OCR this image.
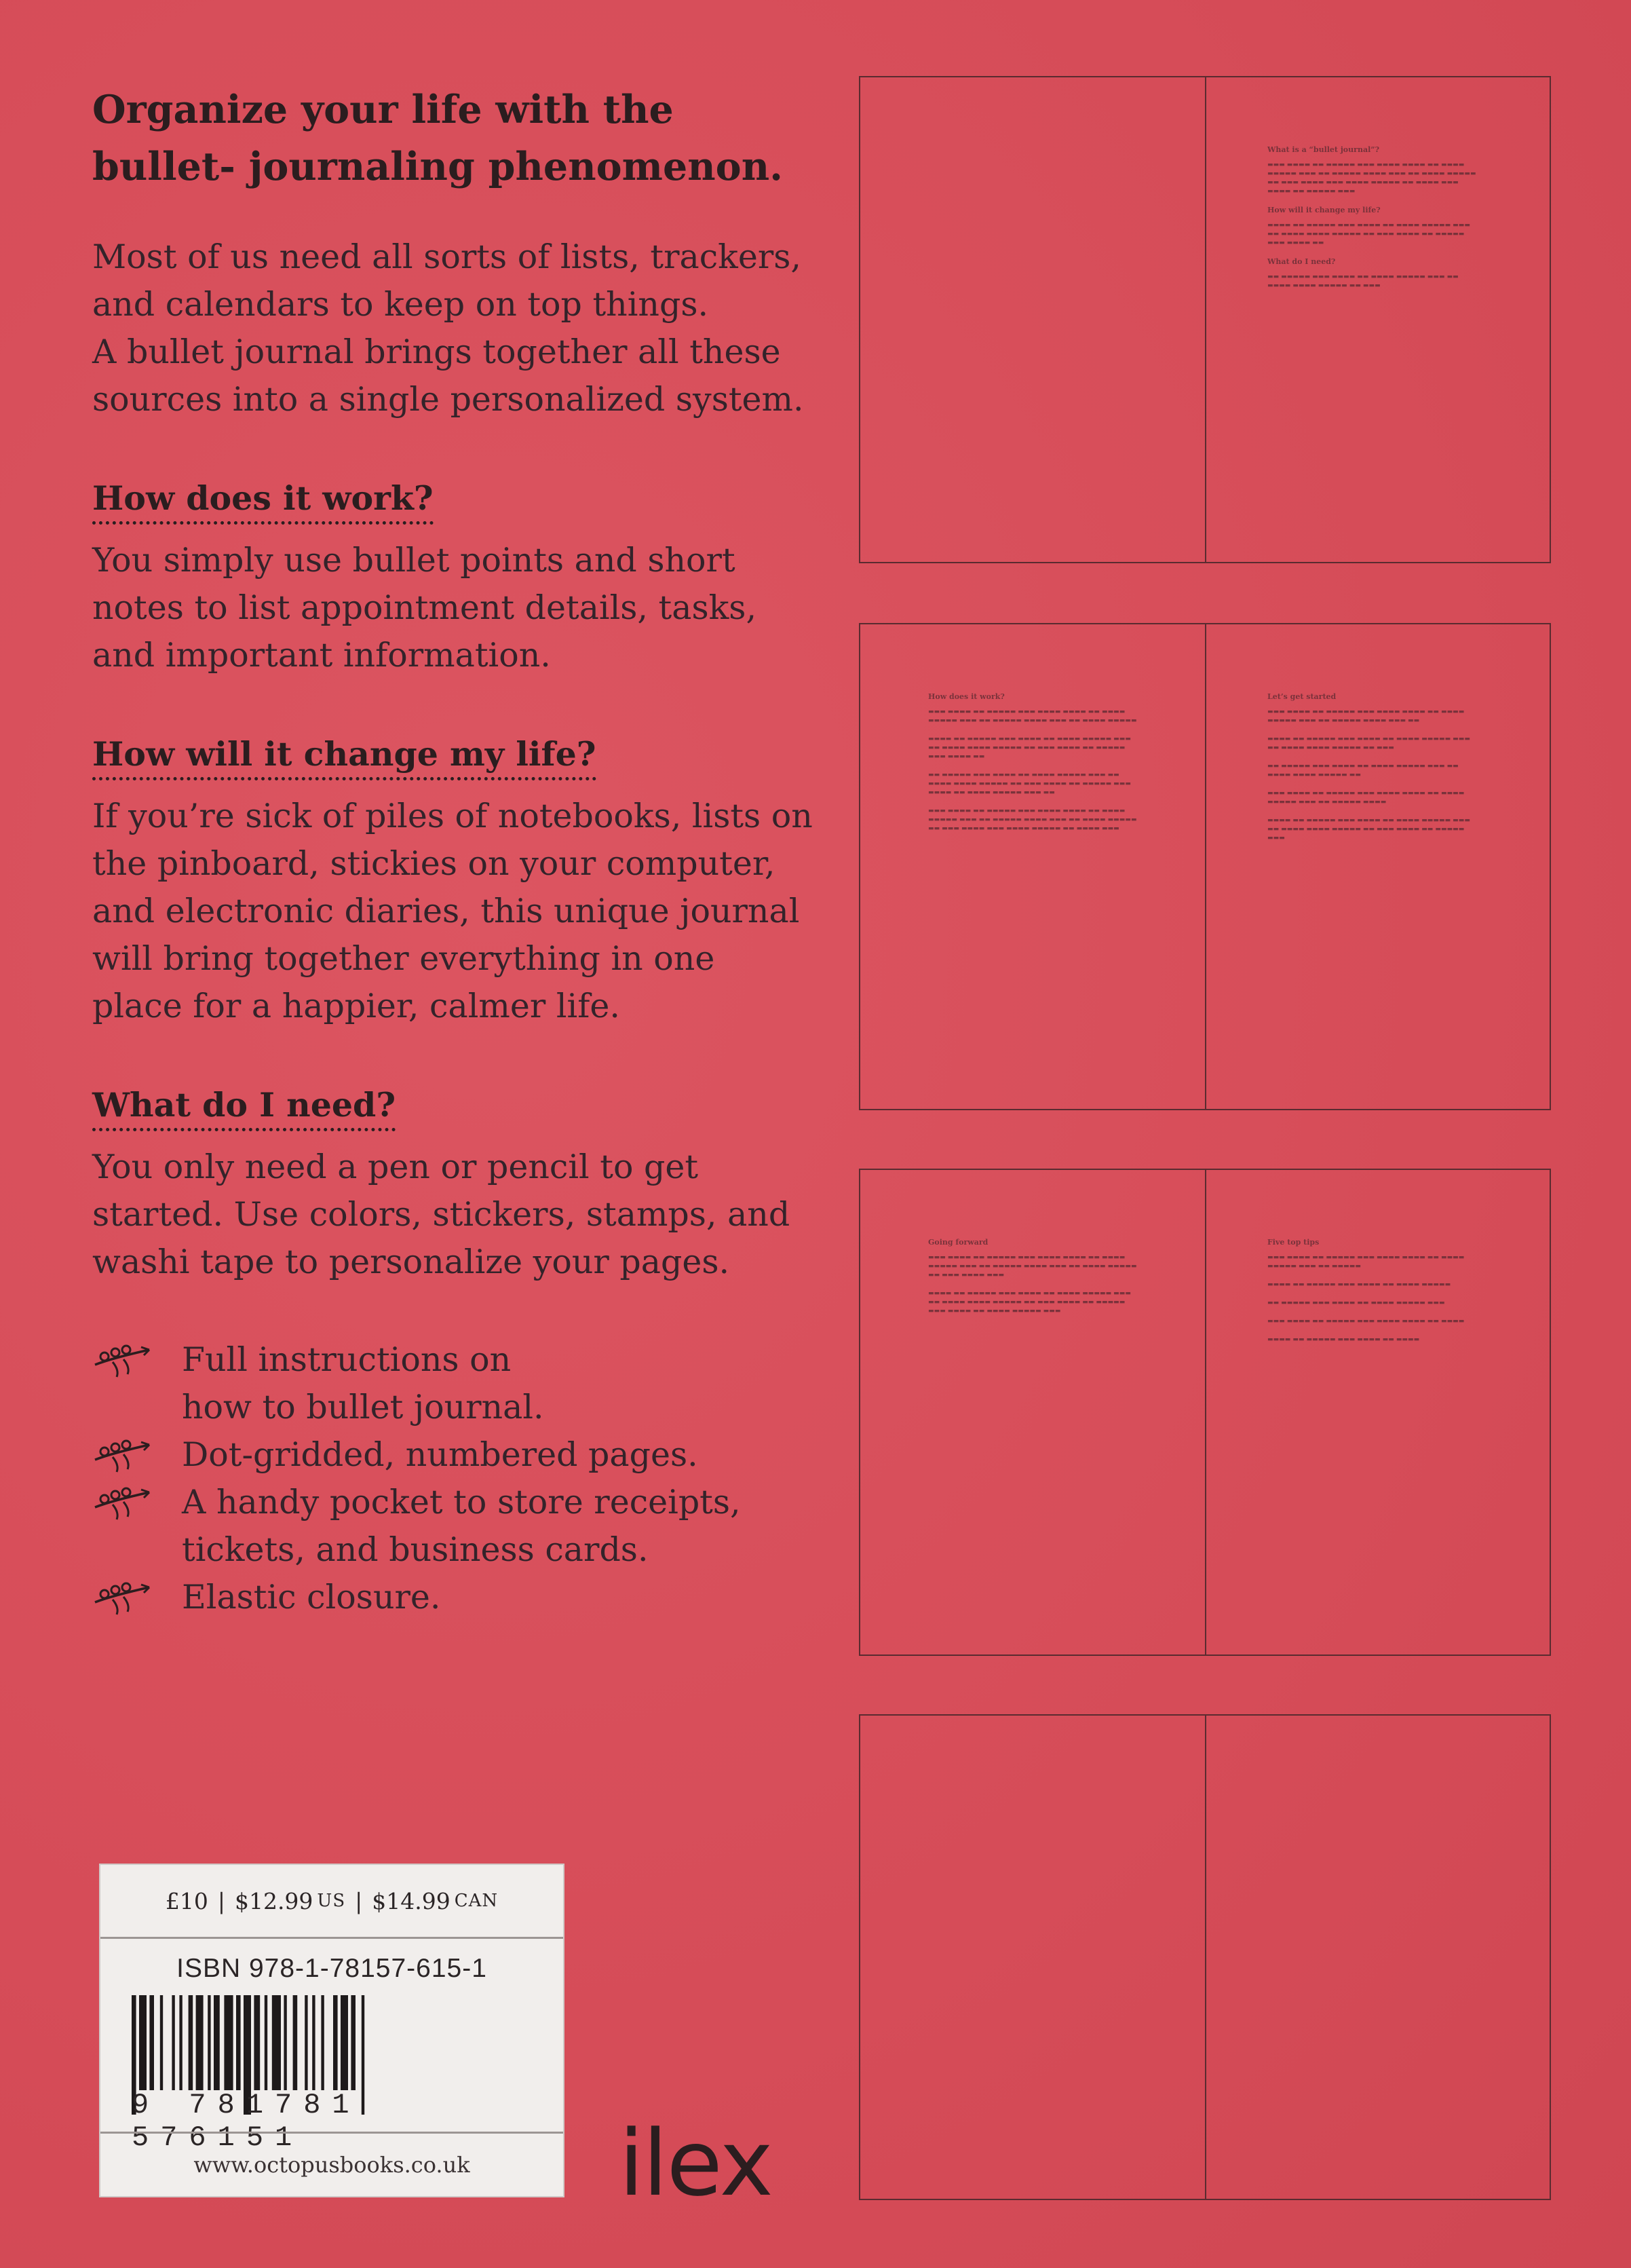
Organize your life with the
bullet- journaling phenomenon.

Most of us need all sorts of lists, trackers,
and calendars to keep on top things.
A bullet journal brings together all these
sources into a single personalized system.

How does it work?

You simply use bullet points and short
notes to list appointment details, tasks,
and important information.

How will it change my life?

If you’re sick of piles of notebooks, lists on
the pinboard, stickies on your computer,
and electronic diaries, this unique journal
will bring together everything in one
place for a happier, calmer life.

What do I need?

You only need a pen or pencil to get
started. Use colors, stickers, stamps, and
washi tape to personalize your pages.

Full instructions on
how to bullet journal.
Dot-gridded, numbered pages.
A handy pocket to store receipts,
tickets, and business cards.
Elastic closure.
What is a “bullet journal”?
▬▬▬ ▬▬▬▬ ▬▬ ▬▬▬▬▬ ▬▬▬ ▬▬▬▬ ▬▬▬▬ ▬▬ ▬▬▬▬ ▬▬▬▬▬ ▬▬▬ ▬▬ ▬▬▬▬▬ ▬▬▬▬ ▬▬▬ ▬▬ ▬▬▬▬ ▬▬▬▬▬ ▬▬ ▬▬▬ ▬▬▬▬ ▬▬▬ ▬▬▬▬ ▬▬▬▬▬ ▬▬ ▬▬▬▬ ▬▬▬ ▬▬▬▬ ▬▬ ▬▬▬▬▬ ▬▬▬
How will it change my life?
▬▬▬▬ ▬▬ ▬▬▬▬▬ ▬▬▬ ▬▬▬▬ ▬▬ ▬▬▬▬ ▬▬▬▬▬ ▬▬▬ ▬▬ ▬▬▬▬ ▬▬▬▬ ▬▬▬▬▬ ▬▬ ▬▬▬ ▬▬▬▬ ▬▬ ▬▬▬▬▬ ▬▬▬ ▬▬▬▬ ▬▬
What do I need?
▬▬ ▬▬▬▬▬ ▬▬▬ ▬▬▬▬ ▬▬ ▬▬▬▬ ▬▬▬▬▬ ▬▬▬ ▬▬ ▬▬▬▬ ▬▬▬▬ ▬▬▬▬▬ ▬▬ ▬▬▬
How does it work?
▬▬▬ ▬▬▬▬ ▬▬ ▬▬▬▬▬ ▬▬▬ ▬▬▬▬ ▬▬▬▬ ▬▬ ▬▬▬▬ ▬▬▬▬▬ ▬▬▬ ▬▬ ▬▬▬▬▬ ▬▬▬▬ ▬▬▬ ▬▬ ▬▬▬▬ ▬▬▬▬▬
▬▬▬▬ ▬▬ ▬▬▬▬▬ ▬▬▬ ▬▬▬▬ ▬▬ ▬▬▬▬ ▬▬▬▬▬ ▬▬▬ ▬▬ ▬▬▬▬ ▬▬▬▬ ▬▬▬▬▬ ▬▬ ▬▬▬ ▬▬▬▬ ▬▬ ▬▬▬▬▬ ▬▬▬ ▬▬▬▬ ▬▬
▬▬ ▬▬▬▬▬ ▬▬▬ ▬▬▬▬ ▬▬ ▬▬▬▬ ▬▬▬▬▬ ▬▬▬ ▬▬ ▬▬▬▬ ▬▬▬▬ ▬▬▬▬▬ ▬▬ ▬▬▬ ▬▬▬▬ ▬▬ ▬▬▬▬▬ ▬▬▬ ▬▬▬▬ ▬▬ ▬▬▬▬ ▬▬▬▬▬ ▬▬▬ ▬▬
▬▬▬ ▬▬▬▬ ▬▬ ▬▬▬▬▬ ▬▬▬ ▬▬▬▬ ▬▬▬▬ ▬▬ ▬▬▬▬ ▬▬▬▬▬ ▬▬▬ ▬▬ ▬▬▬▬▬ ▬▬▬▬ ▬▬▬ ▬▬ ▬▬▬▬ ▬▬▬▬▬ ▬▬ ▬▬▬ ▬▬▬▬ ▬▬▬ ▬▬▬▬ ▬▬▬▬▬ ▬▬ ▬▬▬▬ ▬▬▬
Let’s get started
▬▬▬ ▬▬▬▬ ▬▬ ▬▬▬▬▬ ▬▬▬ ▬▬▬▬ ▬▬▬▬ ▬▬ ▬▬▬▬ ▬▬▬▬▬ ▬▬▬ ▬▬ ▬▬▬▬▬ ▬▬▬▬ ▬▬▬ ▬▬
▬▬▬▬ ▬▬ ▬▬▬▬▬ ▬▬▬ ▬▬▬▬ ▬▬ ▬▬▬▬ ▬▬▬▬▬ ▬▬▬ ▬▬ ▬▬▬▬ ▬▬▬▬ ▬▬▬▬▬ ▬▬ ▬▬▬
▬▬ ▬▬▬▬▬ ▬▬▬ ▬▬▬▬ ▬▬ ▬▬▬▬ ▬▬▬▬▬ ▬▬▬ ▬▬ ▬▬▬▬ ▬▬▬▬ ▬▬▬▬▬ ▬▬
▬▬▬ ▬▬▬▬ ▬▬ ▬▬▬▬▬ ▬▬▬ ▬▬▬▬ ▬▬▬▬ ▬▬ ▬▬▬▬ ▬▬▬▬▬ ▬▬▬ ▬▬ ▬▬▬▬▬ ▬▬▬▬
▬▬▬▬ ▬▬ ▬▬▬▬▬ ▬▬▬ ▬▬▬▬ ▬▬ ▬▬▬▬ ▬▬▬▬▬ ▬▬▬ ▬▬ ▬▬▬▬ ▬▬▬▬ ▬▬▬▬▬ ▬▬ ▬▬▬ ▬▬▬▬ ▬▬ ▬▬▬▬▬ ▬▬▬
Going forward
▬▬▬ ▬▬▬▬ ▬▬ ▬▬▬▬▬ ▬▬▬ ▬▬▬▬ ▬▬▬▬ ▬▬ ▬▬▬▬ ▬▬▬▬▬ ▬▬▬ ▬▬ ▬▬▬▬▬ ▬▬▬▬ ▬▬▬ ▬▬ ▬▬▬▬ ▬▬▬▬▬ ▬▬ ▬▬▬ ▬▬▬▬ ▬▬▬
▬▬▬▬ ▬▬ ▬▬▬▬▬ ▬▬▬ ▬▬▬▬ ▬▬ ▬▬▬▬ ▬▬▬▬▬ ▬▬▬ ▬▬ ▬▬▬▬ ▬▬▬▬ ▬▬▬▬▬ ▬▬ ▬▬▬ ▬▬▬▬ ▬▬ ▬▬▬▬▬ ▬▬▬ ▬▬▬▬ ▬▬ ▬▬▬▬ ▬▬▬▬▬ ▬▬▬
Five top tips
▬▬▬ ▬▬▬▬ ▬▬ ▬▬▬▬▬ ▬▬▬ ▬▬▬▬ ▬▬▬▬ ▬▬ ▬▬▬▬ ▬▬▬▬▬ ▬▬▬ ▬▬ ▬▬▬▬▬
▬▬▬▬ ▬▬ ▬▬▬▬▬ ▬▬▬ ▬▬▬▬ ▬▬ ▬▬▬▬ ▬▬▬▬▬
▬▬ ▬▬▬▬▬ ▬▬▬ ▬▬▬▬ ▬▬ ▬▬▬▬ ▬▬▬▬▬ ▬▬▬
▬▬▬ ▬▬▬▬ ▬▬ ▬▬▬▬▬ ▬▬▬ ▬▬▬▬ ▬▬▬▬ ▬▬ ▬▬▬▬
▬▬▬▬ ▬▬ ▬▬▬▬▬ ▬▬▬ ▬▬▬▬ ▬▬ ▬▬▬▬
£10 | $12.99 US | $14.99 CAN
ISBN 978-1-78157-615-1
9 781781 576151
www.octopusbooks.co.uk	ilex
